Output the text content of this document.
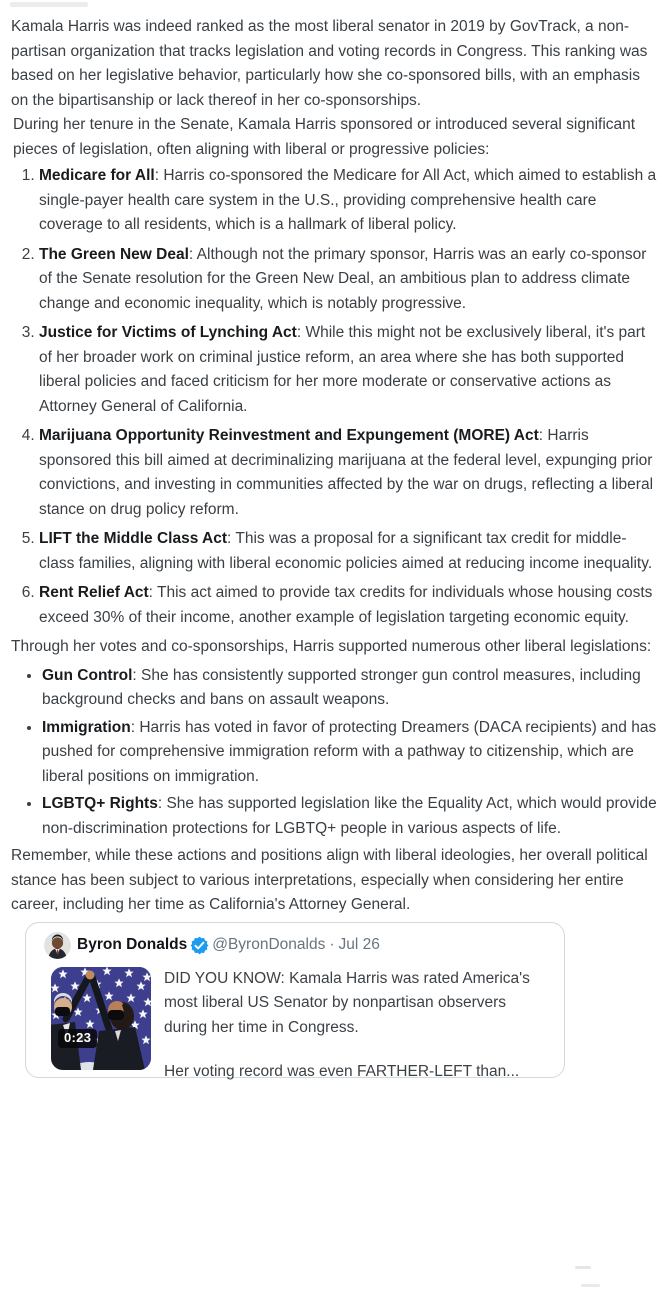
Kamala Harris was indeed ranked as the most liberal senator in 2019 by GovTrack, a non-partisan organization that tracks legislation and voting records in Congress. This ranking was based on her legislative behavior, particularly how she co-sponsored bills, with an emphasis on the bipartisanship or lack thereof in her co-sponsorships.

During her tenure in the Senate, Kamala Harris sponsored or introduced several significant pieces of legislation, often aligning with liberal or progressive policies:

1. Medicare for All: Harris co-sponsored the Medicare for All Act, which aimed to establish a single-payer health care system in the U.S., providing comprehensive health care coverage to all residents, which is a hallmark of liberal policy.
2. The Green New Deal: Although not the primary sponsor, Harris was an early co-sponsor of the Senate resolution for the Green New Deal, an ambitious plan to address climate change and economic inequality, which is notably progressive.
3. Justice for Victims of Lynching Act: While this might not be exclusively liberal, it's part of her broader work on criminal justice reform, an area where she has both supported liberal policies and faced criticism for her more moderate or conservative actions as Attorney General of California.
4. Marijuana Opportunity Reinvestment and Expungement (MORE) Act: Harris sponsored this bill aimed at decriminalizing marijuana at the federal level, expunging prior convictions, and investing in communities affected by the war on drugs, reflecting a liberal stance on drug policy reform.
5. LIFT the Middle Class Act: This was a proposal for a significant tax credit for middle-class families, aligning with liberal economic policies aimed at reducing income inequality.
6. Rent Relief Act: This act aimed to provide tax credits for individuals whose housing costs exceed 30% of their income, another example of legislation targeting economic equity.

Through her votes and co-sponsorships, Harris supported numerous other liberal legislations:

• Gun Control: She has consistently supported stronger gun control measures, including background checks and bans on assault weapons.
• Immigration: Harris has voted in favor of protecting Dreamers (DACA recipients) and has pushed for comprehensive immigration reform with a pathway to citizenship, which are liberal positions on immigration.
• LGBTQ+ Rights: She has supported legislation like the Equality Act, which would provide non-discrimination protections for LGBTQ+ people in various aspects of life.

Remember, while these actions and positions align with liberal ideologies, her overall political stance has been subject to various interpretations, especially when considering her entire career, including her time as California's Attorney General.

Byron Donalds @ByronDonalds · Jul 26
0:23

DID YOU KNOW: Kamala Harris was rated America's most liberal US Senator by nonpartisan observers during her time in Congress.

Her voting record was even FARTHER-LEFT than...
